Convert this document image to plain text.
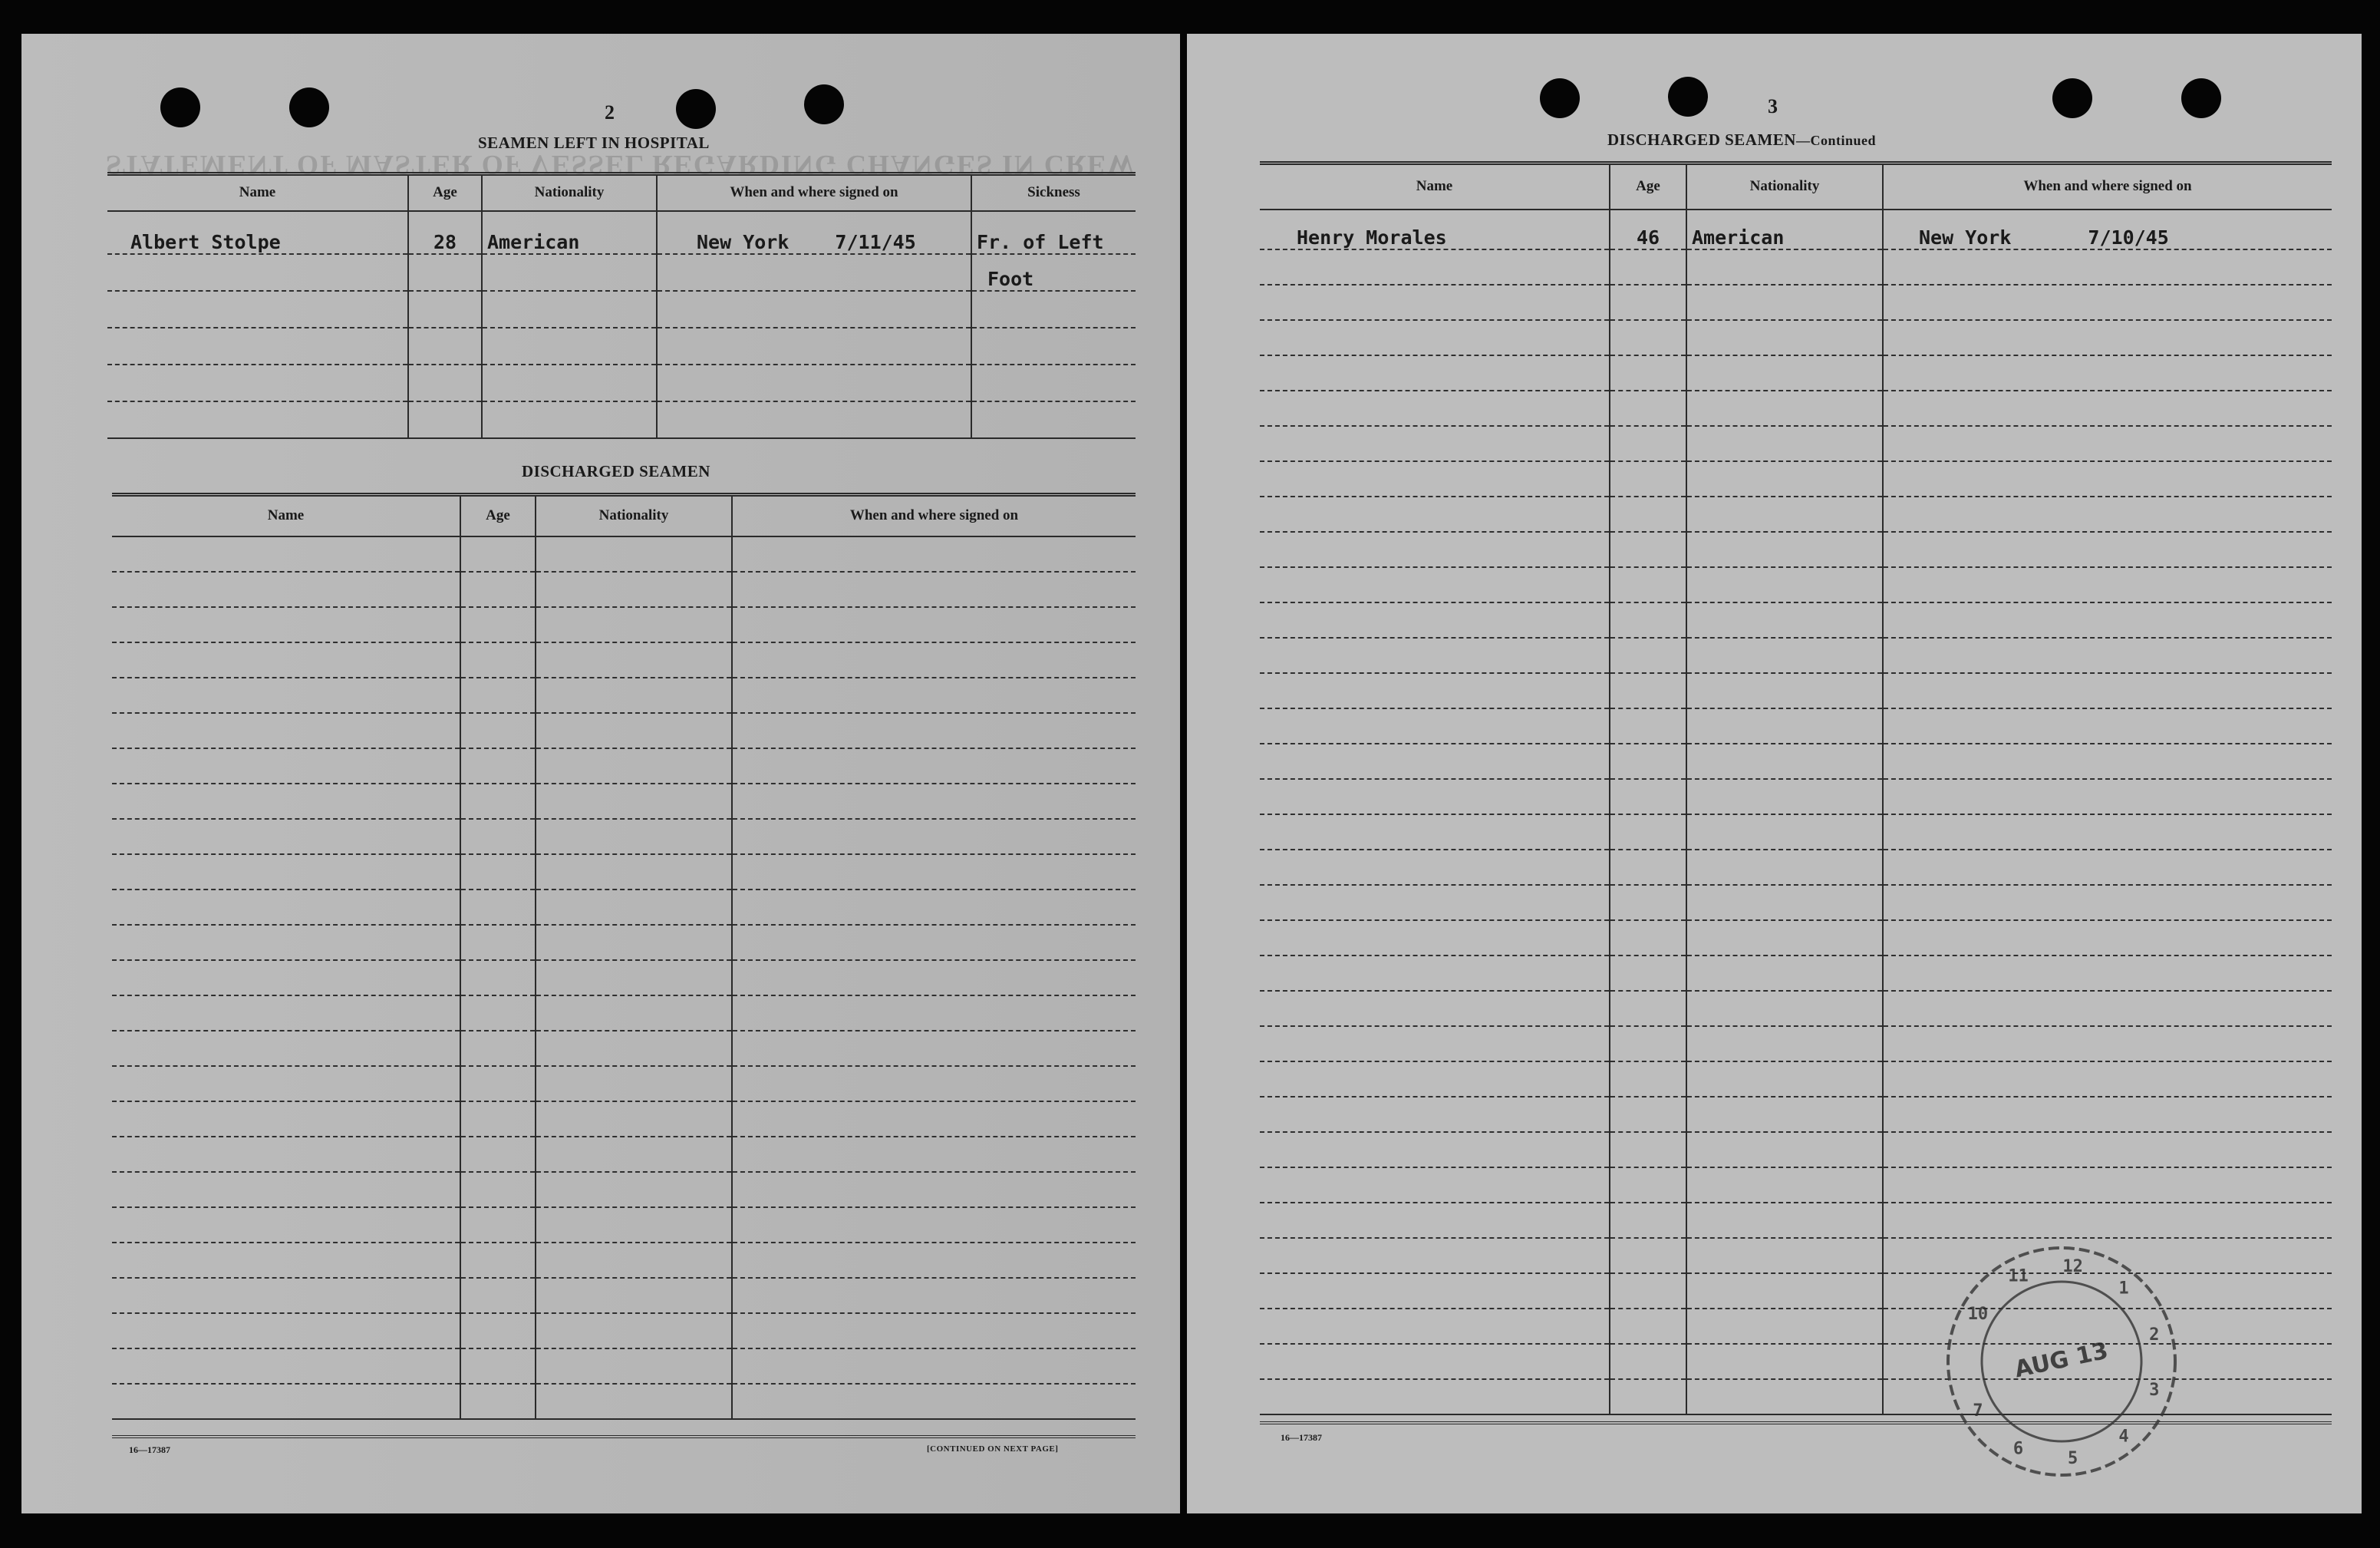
STATEMENT OF MASTER OF VESSEL REGARDING CHANGES IN CREW
2
SEAMEN LEFT IN HOSPITAL
Name	Age	Nationality	When and where signed on	Sickness
Albert Stolpe	28	American	New York 7/11/45	Fr. of Left
				Foot

DISCHARGED SEAMEN
Name	Age	Nationality	When and where signed on

16—17387	[CONTINUED ON NEXT PAGE]
3
DISCHARGED SEAMEN—Continued
Name	Age	Nationality	When and where signed on
Henry Morales	46	American	New York 7/10/45

16—17387
10
11 12
1
2
3
4
5
6
7
AUG 13
